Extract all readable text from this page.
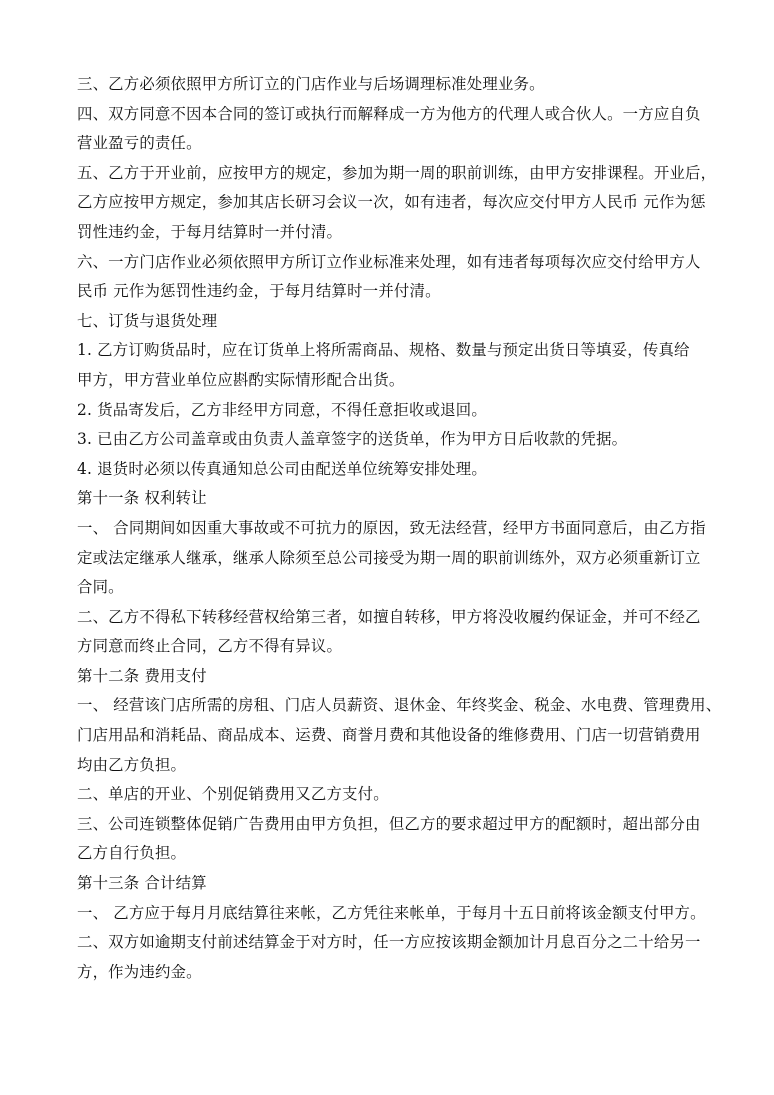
三、乙方必须依照甲方所订立的门店作业与后场调理标准处理业务。

四、双方同意不因本合同的签订或执行而解释成一方为他方的代理人或合伙人。一方应自负

营业盈亏的责任。

五、乙方于开业前，应按甲方的规定，参加为期一周的职前训练，由甲方安排课程。开业后，

乙方应按甲方规定，参加其店长研习会议一次，如有违者，每次应交付甲方人民币 元作为惩

罚性违约金，于每月结算时一并付清。

六、一方门店作业必须依照甲方所订立作业标准来处理，如有违者每项每次应交付给甲方人

民币 元作为惩罚性违约金，于每月结算时一并付清。

七、订货与退货处理

1. 乙方订购货品时，应在订货单上将所需商品、规格、数量与预定出货日等填妥，传真给

甲方，甲方营业单位应斟酌实际情形配合出货。

2. 货品寄发后，乙方非经甲方同意，不得任意拒收或退回。

3. 已由乙方公司盖章或由负责人盖章签字的送货单，作为甲方日后收款的凭据。

4. 退货时必须以传真通知总公司由配送单位统筹安排处理。

第十一条 权利转让

一、 合同期间如因重大事故或不可抗力的原因，致无法经营，经甲方书面同意后，由乙方指

定或法定继承人继承，继承人除须至总公司接受为期一周的职前训练外，双方必须重新订立

合同。

二、乙方不得私下转移经营权给第三者，如擅自转移，甲方将没收履约保证金，并可不经乙

方同意而终止合同，乙方不得有异议。

第十二条 费用支付

一、 经营该门店所需的房租、门店人员薪资、退休金、年终奖金、税金、水电费、管理费用、

门店用品和消耗品、商品成本、运费、商誉月费和其他设备的维修费用、门店一切营销费用

均由乙方负担。

二、单店的开业、个别促销费用又乙方支付。

三、公司连锁整体促销广告费用由甲方负担，但乙方的要求超过甲方的配额时，超出部分由

乙方自行负担。

第十三条 合计结算

一、 乙方应于每月月底结算往来帐，乙方凭往来帐单，于每月十五日前将该金额支付甲方。

二、双方如逾期支付前述结算金于对方时，任一方应按该期金额加计月息百分之二十给另一

方，作为违约金。
